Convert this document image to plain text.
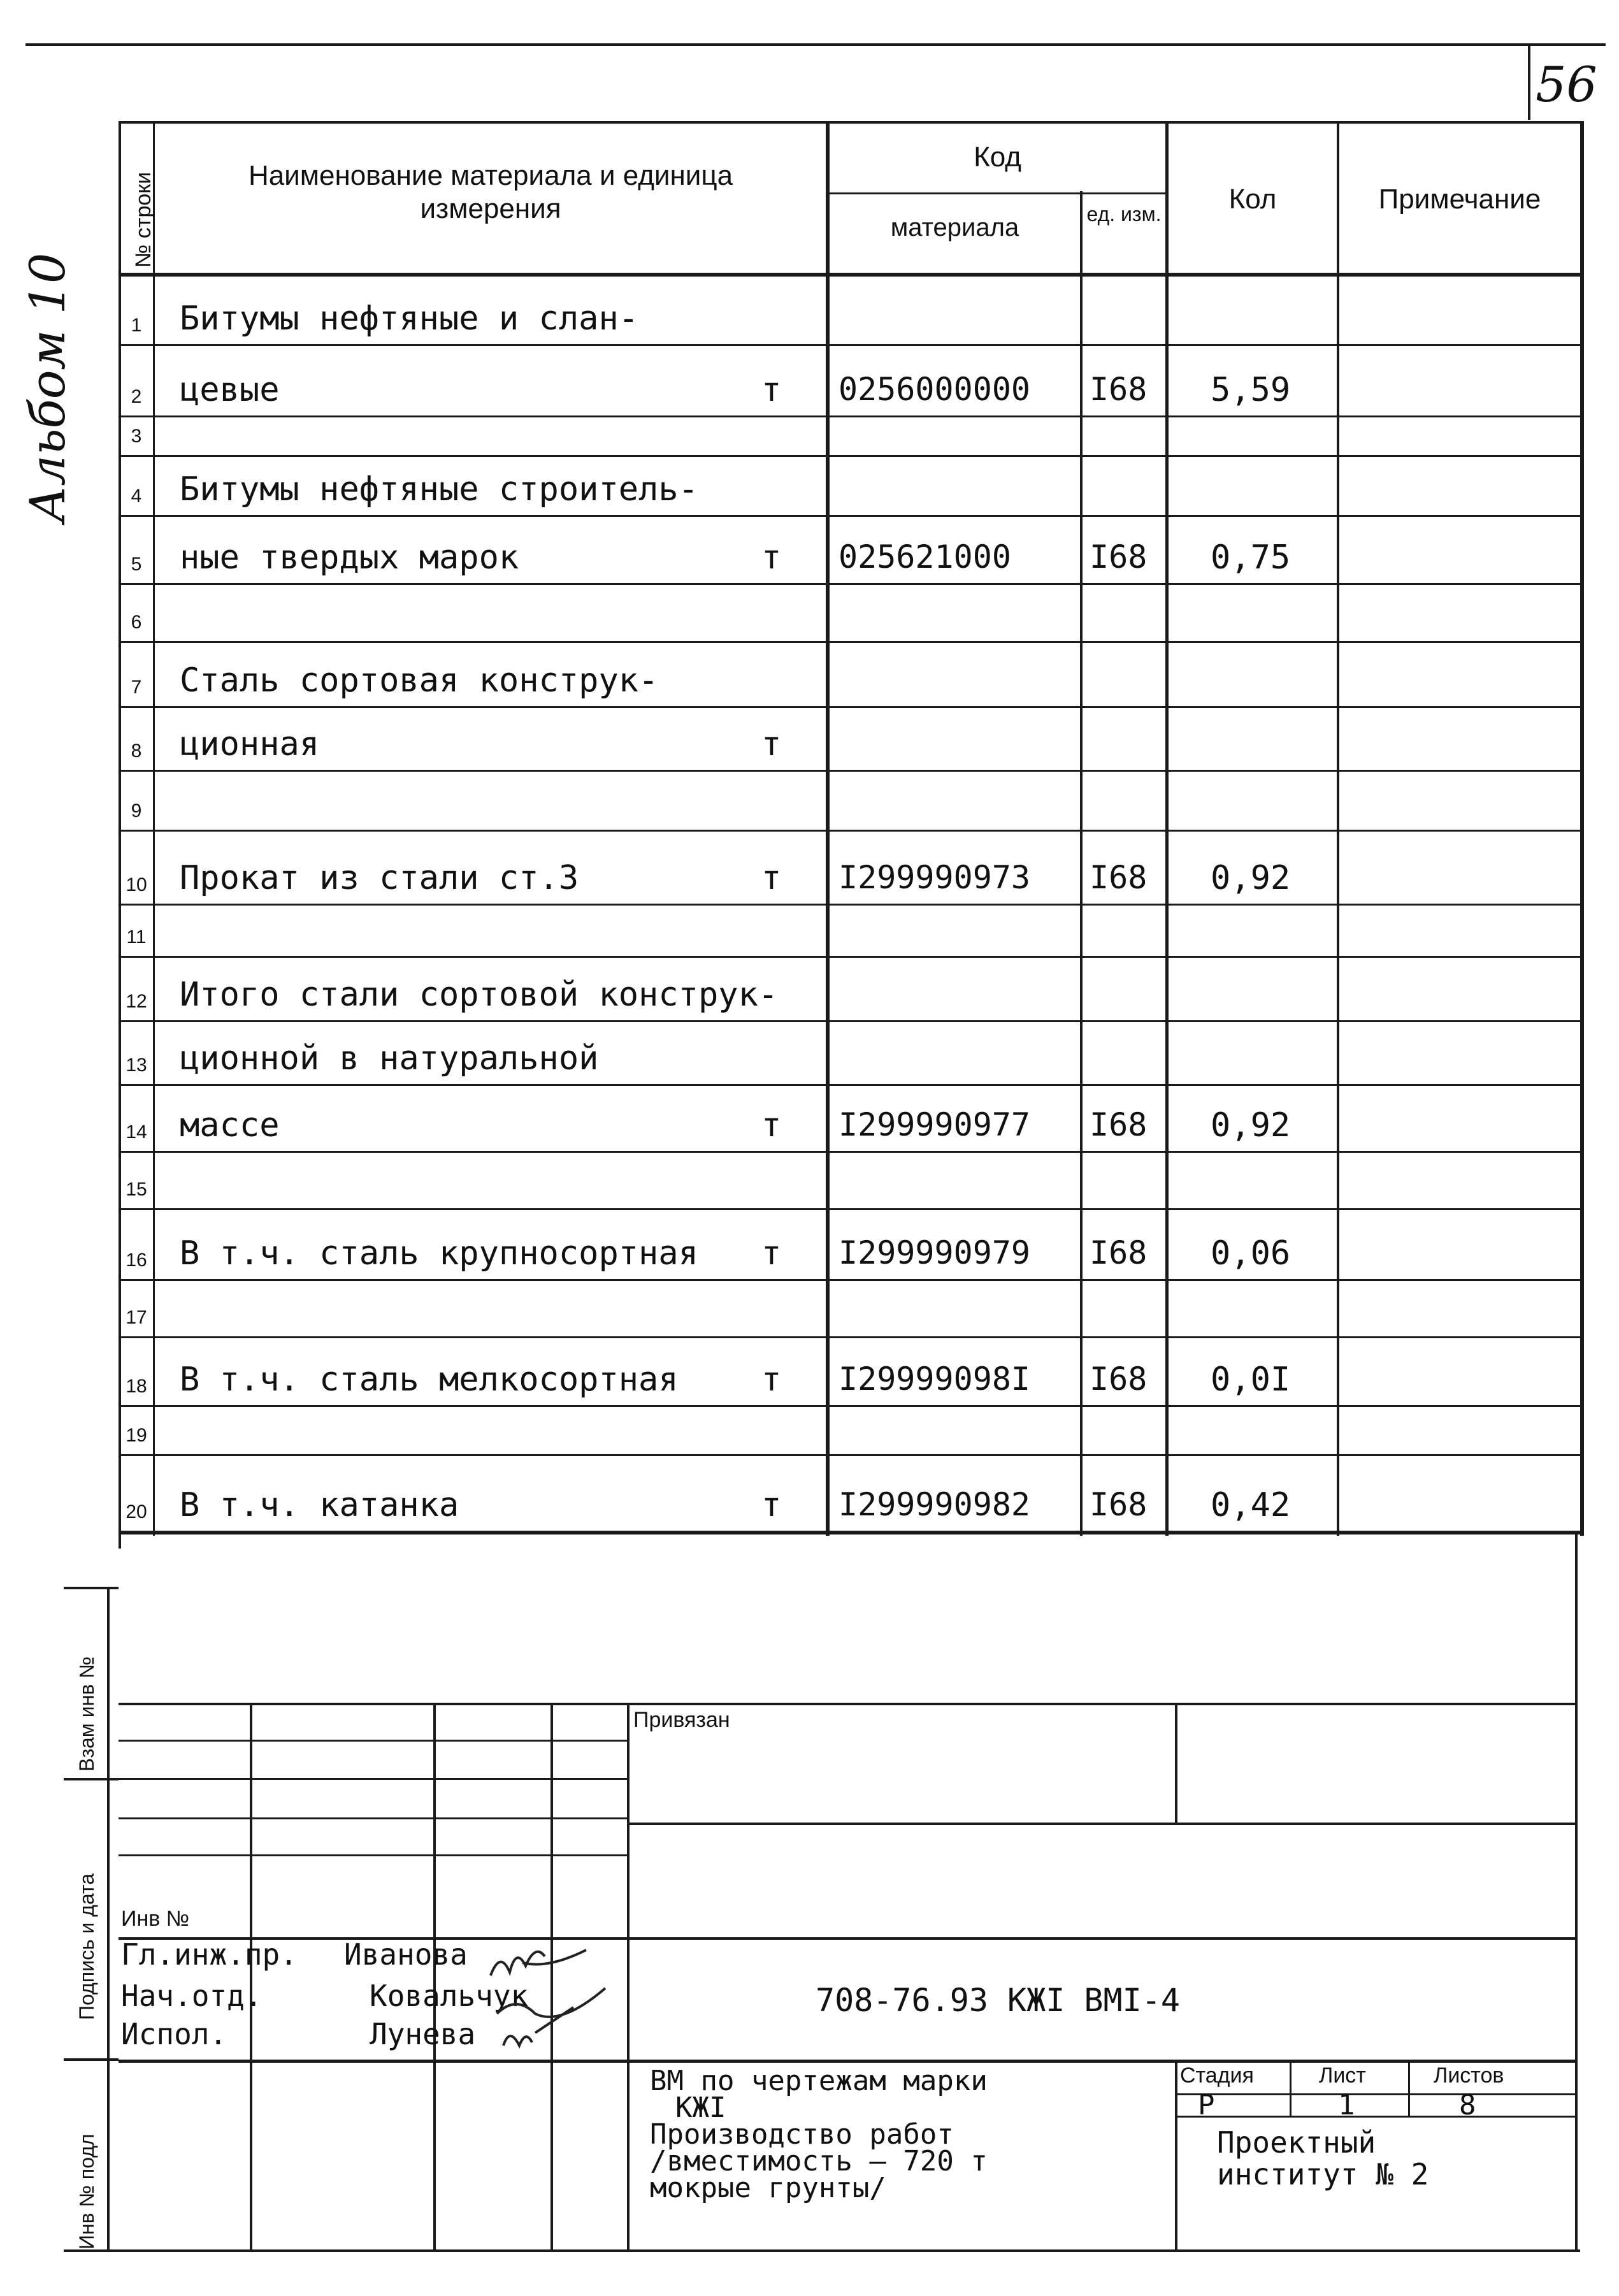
56
Альбом 10
№ строки	Наименование материала и единица измерения
Код
материала	ед. изм.	Кол	Примечание
1	Битумы нефтяные и слан-
2	цевые	т 0256000000 I68 5,59
3
4	Битумы нефтяные строитель-
5	ные твердых марок	т 025621000 I68 0,75
6
7	Сталь сортовая конструк-
8	ционная	т
9
10 Прокат из стали ст.3	т I299990973 I68 0,92
11
12 Итого стали сортовой конструк-
13 ционной в натуральной
14 массе	т I299990977 I68 0,92
15
16 В т.ч. сталь крупносортная т I299990979 I68 0,06
17
18 В т.ч. сталь мелкосортная	т I29999098I I68 0,0I
19
20 В т.ч. катанка	т I299990982 I68 0,42
Взам инв №
Подпись и дата
Инв № подл
Привязан
Инв №
Гл.инж.пр. Иванова
Нач.отд.	Ковальчук
Испол.	Лунева
708-76.93 КЖI ВМI-4
ВМ по чертежам марки
КЖI
Производство работ
/вместимость – 720 т
мокрые грунты/
Стадия	Лист	Листов
Р	1	8
Проектный
институт № 2
